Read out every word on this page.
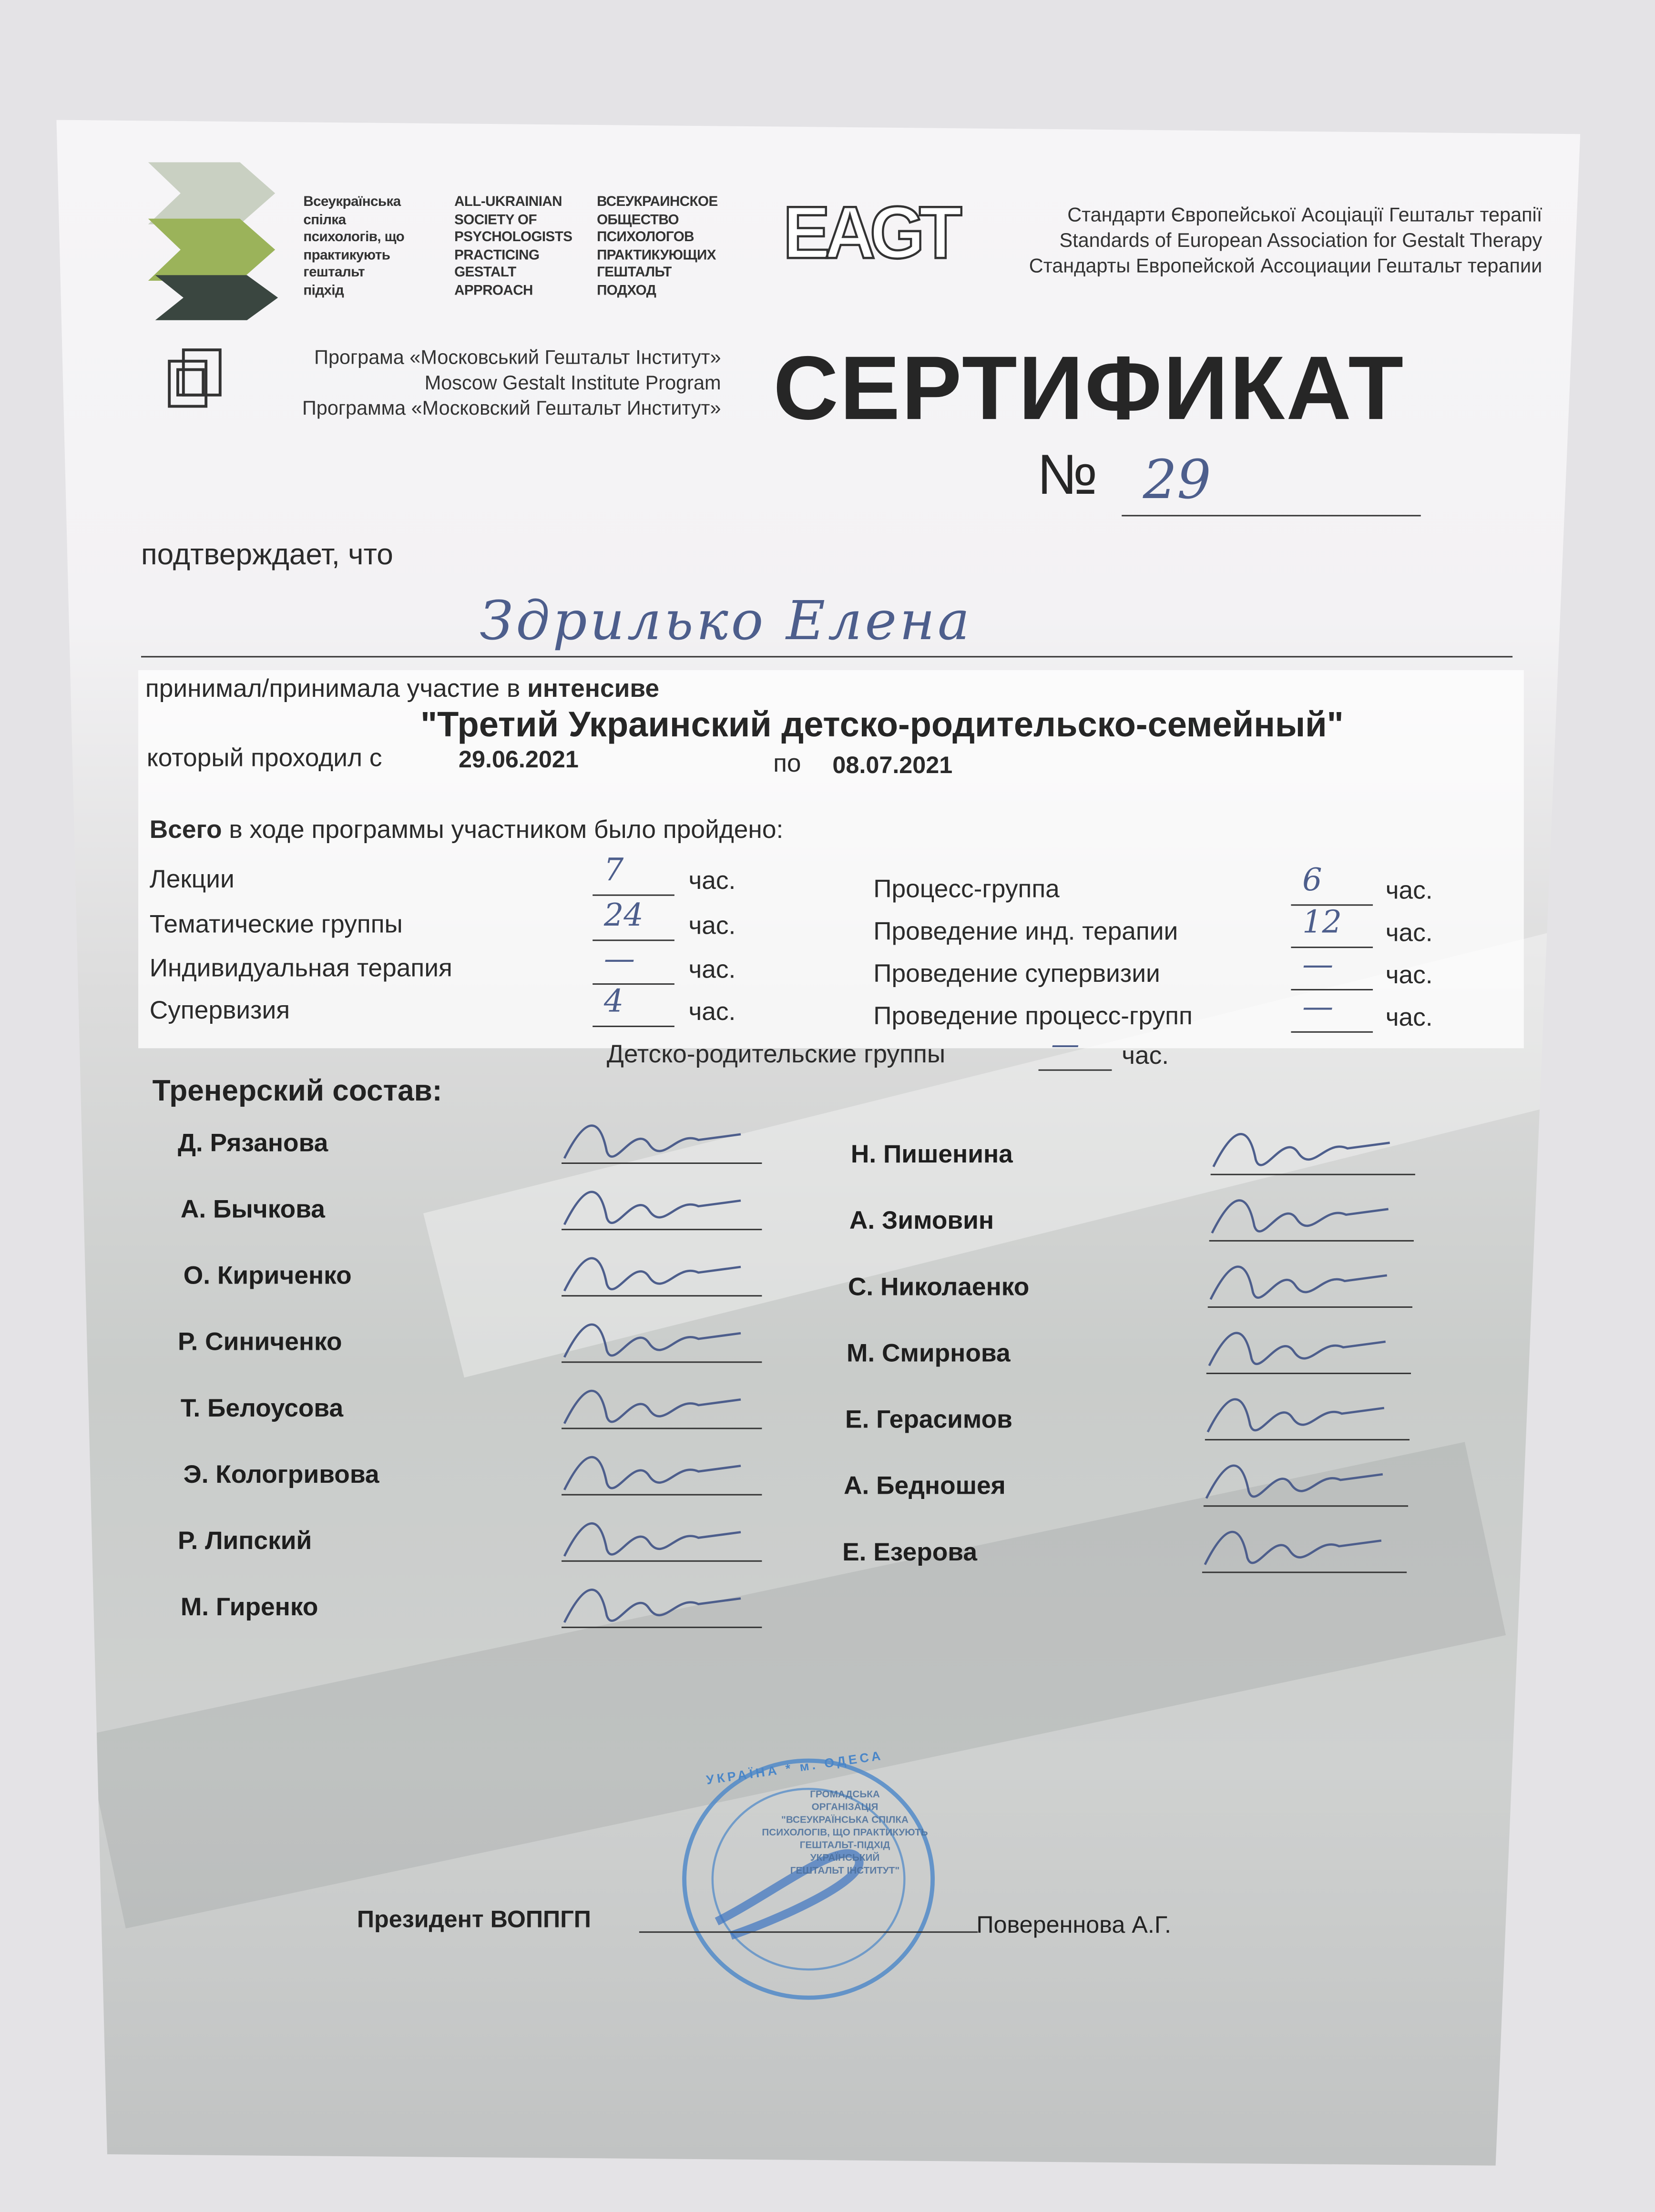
Всеукраїнська
спілка
психологів, що
практикують
гештальт
підхід
ALL-UKRAINIAN
SOCIETY OF
PSYCHOLOGISTS
PRACTICING
GESTALT
APPROACH
ВСЕУКРАИНСКОЕ
ОБЩЕСТВО
ПСИХОЛОГОВ
ПРАКТИКУЮЩИХ
ГЕШТАЛЬТ
ПОДХОД
EAGT	Стандарти Європейської Асоціації Гештальт терапії
Standards of European Association for Gestalt Therapy
Стандарты Европейской Ассоциации Гештальт терапии
Програма «Московський Гештальт Інститут»
Moscow Gestalt Institute Program
Программа «Московский Гештальт Институт» СЕРТИФИКАТ
№ 29
подтверждает, что
Здрилько Елена
принимал/принимала участие в интенсиве
"Третий Украинский детско-родительско-семейный"
который проходил с	29.06.2021	по	08.07.2021
Всего в ходе программы участником было пройдено:
Лекции	7	час.
Тематические группы	24	час.
Индивидуальная терапия	—	час.
Супервизия	4	час.
Процесс-группа	6	час.
Проведение инд. терапии	12	час.
Проведение супервизии	—	час.
Проведение процесс-групп	—	час.
Детско-родительские группы	—	час.
Тренерский состав:
Д. Рязанова
А. Бычкова
О. Кириченко
Р. Синиченко
Т. Белоусова
Э. Кологривова
Р. Липский
М. Гиренко
Н. Пишенина
А. Зимовин
С. Николаенко
М. Смирнова
Е. Герасимов
А. Бедношея
Е. Езерова
ГРОМАДСЬКА
ОРГАНІЗАЦІЯ
"ВСЕУКРАЇНСЬКА СПІЛКА
ПСИХОЛОГІВ, ЩО ПРАКТИКУЮТЬ
ГЕШТАЛЬТ-ПІДХІД
УКРАЇНСЬКИЙ
ГЕШТАЛЬТ ІНСТИТУТ"
УКРАЇНА * м. ОДЕСА
Президент ВОППГП	Повереннова А.Г.
